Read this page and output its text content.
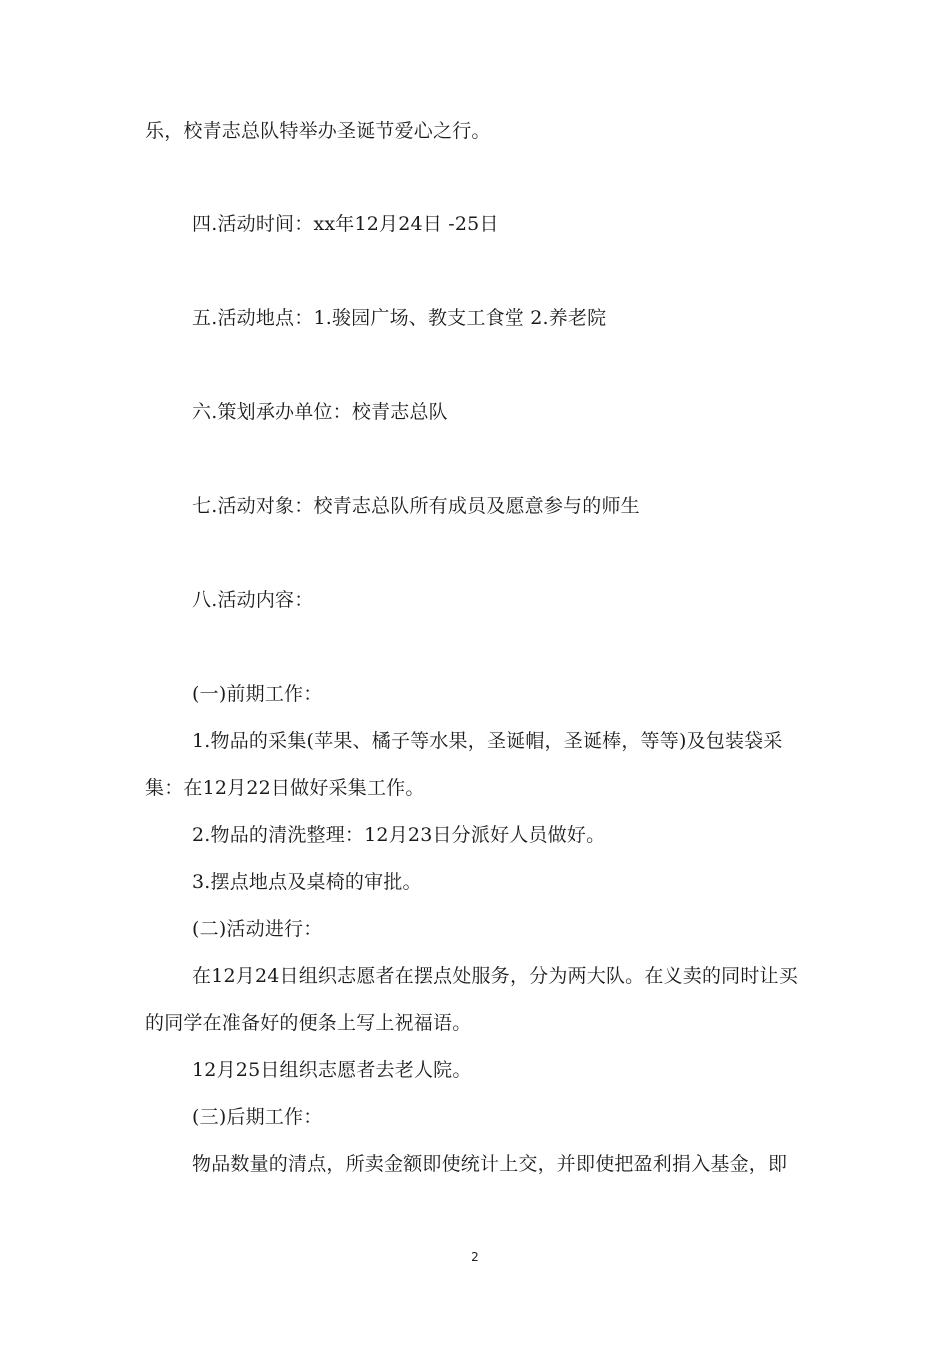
乐，校青志总队特举办圣诞节爱心之行。
四.活动时间：xx年12月24日 -25日
五.活动地点：1.骏园广场、教支工食堂 2.养老院
六.策划承办单位：校青志总队
七.活动对象：校青志总队所有成员及愿意参与的师生
八.活动内容：
(一)前期工作：
1.物品的采集(苹果、橘子等水果，圣诞帽，圣诞棒，等等)及包装袋采
集：在12月22日做好采集工作。
2.物品的清洗整理：12月23日分派好人员做好。
3.摆点地点及桌椅的审批。
(二)活动进行：
在12月24日组织志愿者在摆点处服务，分为两大队。在义卖的同时让买
的同学在准备好的便条上写上祝福语。
12月25日组织志愿者去老人院。
(三)后期工作：
物品数量的清点，所卖金额即使统计上交，并即使把盈利捐入基金，即
2
